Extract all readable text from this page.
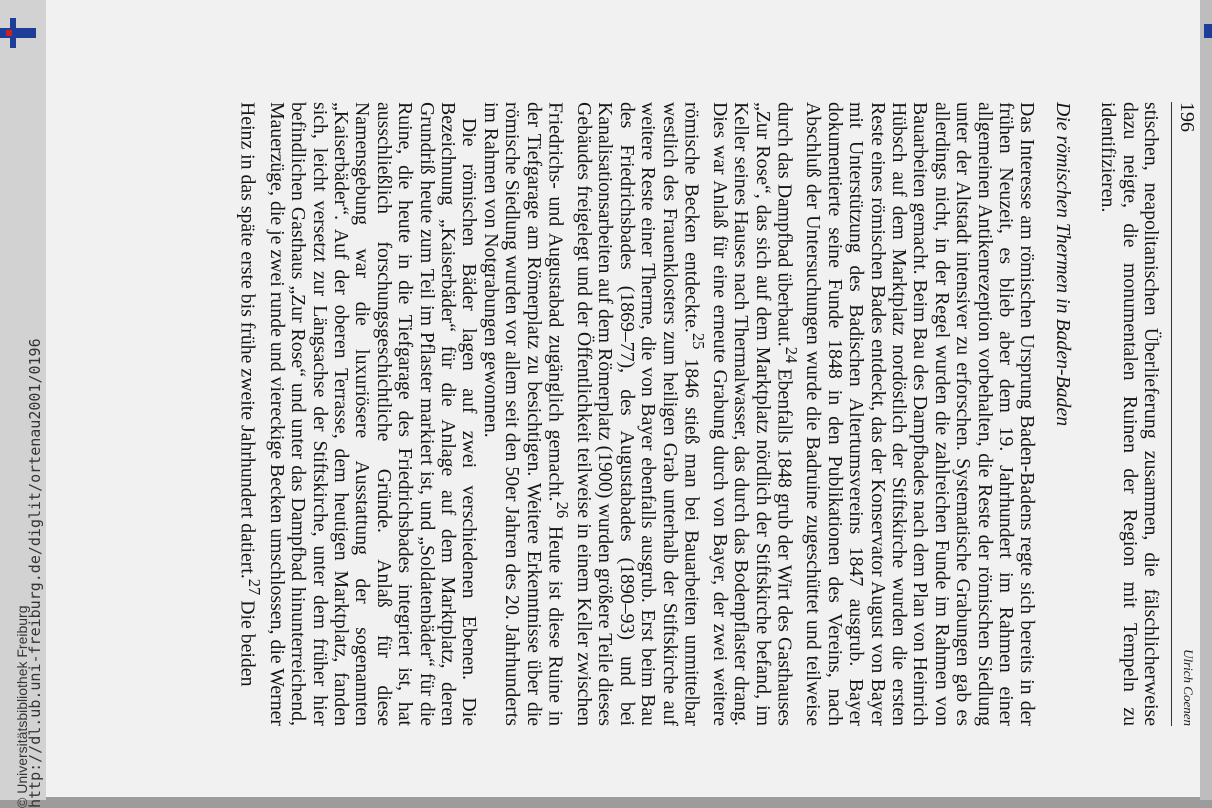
http://dl.ub.uni-freiburg.de/diglit/ortenau2001/0196
© Universitätsbibliothek Freiburg
196
Ulrich Coenen

stischen, neapolitanischen Überlieferung zusammen, die fälschlicherweise dazu neigte, die monumentalen Ruinen der Region mit Tempeln zu identifizieren.

Die römischen Thermen in Baden-Baden

Das Interesse am römischen Ursprung Baden-Badens regte sich bereits in der frühen Neuzeit, es blieb aber dem 19. Jahrhundert im Rahmen einer allgemeinen Antikenrezeption vorbehalten, die Reste der römischen Siedlung unter der Altstadt intensiver zu erforschen. Systematische Grabungen gab es allerdings nicht, in der Regel wurden die zahlreichen Funde im Rahmen von Bauarbeiten gemacht. Beim Bau des Dampfbades nach dem Plan von Heinrich Hübsch auf dem Marktplatz nordöstlich der Stiftskirche wurden die ersten Reste eines römischen Bades entdeckt, das der Konservator August von Bayer mit Unterstützung des Badischen Altertumsvereins 1847 ausgrub. Bayer dokumentierte seine Funde 1848 in den Publikationen des Vereins, nach Abschluß der Untersuchungen wurde die Badruine zugeschüttet und teilweise durch das Dampfbad überbaut.$^{24}$ Ebenfalls 1848 grub der Wirt des Gasthauses „Zur Rose“, das sich auf dem Marktplatz nördlich der Stiftskirche befand, im Keller seines Hauses nach Thermalwasser, das durch das Bodenpflaster drang. Dies war Anlaß für eine erneute Grabung durch von Bayer, der zwei weitere römische Becken entdeckte.$^{25}$ 1846 stieß man bei Bauarbeiten unmittelbar westlich des Frauenklosters zum heiligen Grab unterhalb der Stiftskirche auf weitere Reste einer Therme, die von Bayer ebenfalls ausgrub. Erst beim Bau des Friedrichsbades (1869–77), des Augustabades (1890–93) und bei Kanalisationsarbeiten auf dem Römerplatz (1900) wurden größere Teile dieses Gebäudes freigelegt und der Öffentlichkeit teilweise in einem Keller zwischen Friedrichs- und Augustabad zugänglich gemacht.$^{26}$ Heute ist diese Ruine in der Tiefgarage am Römerplatz zu besichtigen. Weitere Erkenntnisse über die römische Siedlung wurden vor allem seit den 50er Jahren des 20. Jahrhunderts im Rahmen von Notgrabungen gewonnen.

Die römischen Bäder lagen auf zwei verschiedenen Ebenen. Die Bezeichnung „Kaiserbäder“ für die Anlage auf dem Marktplatz, deren Grundriß heute zum Teil im Pflaster markiert ist, und „Soldatenbäder“ für die Ruine, die heute in die Tiefgarage des Friedrichsbades integriert ist, hat ausschließlich forschungsgeschichtliche Gründe. Anlaß für diese Namensgebung war die luxuriösere Ausstattung der sogenannten „Kaiserbäder“. Auf der oberen Terrasse, dem heutigen Marktplatz, fanden sich, leicht versetzt zur Längsachse der Stiftskirche, unter dem früher hier befindlichen Gasthaus „Zur Rose“ und unter das Dampfbad hinunterreichend, Mauerzüge, die je zwei runde und viereckige Becken umschlossen, die Werner Heinz in das späte erste bis frühe zweite Jahrhundert datiert.$^{27}$ Die beiden
